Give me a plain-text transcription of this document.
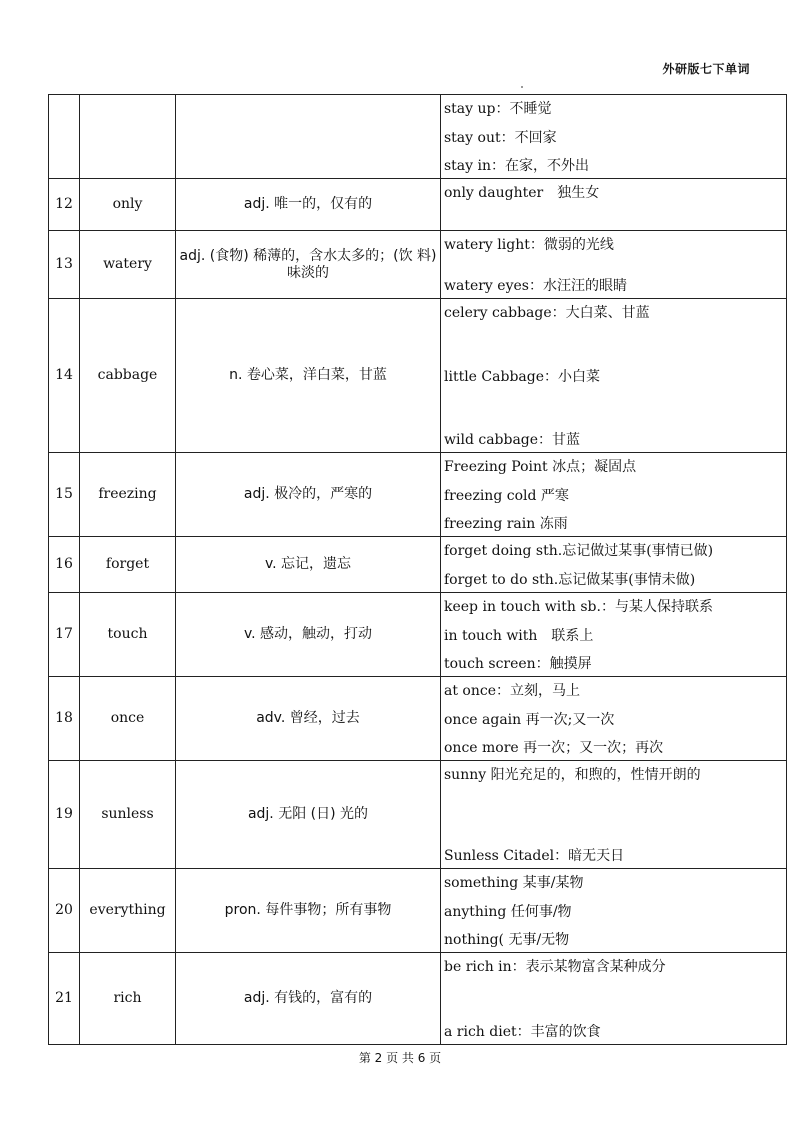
外研版七下单词

			stay up：不睡觉
stay out：不回家
stay in：在家，不外出

12	only	adj. 唯一的，仅有的	only daughter　独生女

13	watery	adj. (食物) 稀薄的，含水太多的；(饮 料) 味淡的	watery light：微弱的光线
watery eyes：水汪汪的眼睛

14	cabbage	n. 卷心菜，洋白菜，甘蓝	celery cabbage：大白菜、甘蓝
little Cabbage：小白菜
wild cabbage：甘蓝

15	freezing	adj. 极冷的，严寒的	Freezing Point 冰点；凝固点
freezing cold 严寒
freezing rain 冻雨

16	forget	v. 忘记，遗忘	forget doing sth.忘记做过某事(事情已做)
forget to do sth.忘记做某事(事情未做)

17	touch	v. 感动，触动，打动	keep in touch with sb.：与某人保持联系
in touch with　联系上
touch screen：触摸屏

18	once	adv. 曾经，过去	at once：立刻，马上
once again 再一次;又一次
once more 再一次；又一次；再次

19	sunless	adj. 无阳 (日) 光的	sunny 阳光充足的，和煦的，性情开朗的
Sunless Citadel：暗无天日

20	everything	pron. 每件事物；所有事物	something 某事/某物
anything 任何事/物
nothing( 无事/无物

21	rich	adj. 有钱的，富有的	be rich in：表示某物富含某种成分
a rich diet：丰富的饮食
第 2 页 共 6 页
